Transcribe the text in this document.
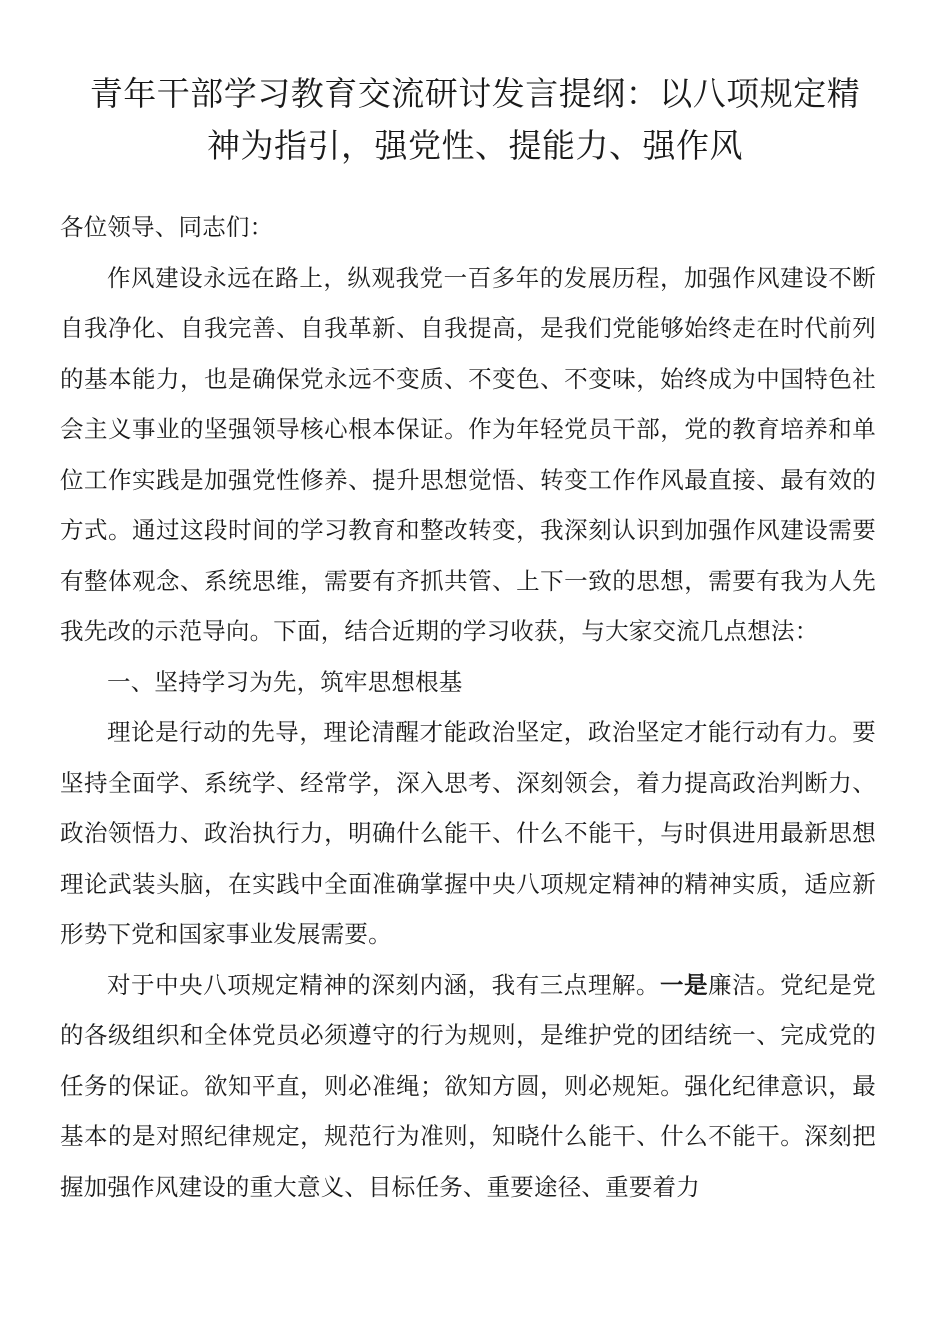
青年干部学习教育交流研讨发言提纲：以八项规定精神为指引，强党性、提能力、强作风

各位领导、同志们：

作风建设永远在路上，纵观我党一百多年的发展历程，加强作风建设不断自我净化、自我完善、自我革新、自我提高，是我们党能够始终走在时代前列的基本能力，也是确保党永远不变质、不变色、不变味，始终成为中国特色社会主义事业的坚强领导核心根本保证。作为年轻党员干部，党的教育培养和单位工作实践是加强党性修养、提升思想觉悟、转变工作作风最直接、最有效的方式。通过这段时间的学习教育和整改转变，我深刻认识到加强作风建设需要有整体观念、系统思维，需要有齐抓共管、上下一致的思想，需要有我为人先我先改的示范导向。下面，结合近期的学习收获，与大家交流几点想法：

一、坚持学习为先，筑牢思想根基

理论是行动的先导，理论清醒才能政治坚定，政治坚定才能行动有力。要坚持全面学、系统学、经常学，深入思考、深刻领会，着力提高政治判断力、政治领悟力、政治执行力，明确什么能干、什么不能干，与时俱进用最新思想理论武装头脑，在实践中全面准确掌握中央八项规定精神的精神实质，适应新形势下党和国家事业发展需要。

对于中央八项规定精神的深刻内涵，我有三点理解。一是廉洁。党纪是党的各级组织和全体党员必须遵守的行为规则，是维护党的团结统一、完成党的任务的保证。欲知平直，则必准绳；欲知方圆，则必规矩。强化纪律意识，最基本的是对照纪律规定，规范行为准则，知晓什么能干、什么不能干。深刻把握加强作风建设的重大意义、目标任务、重要途径、重要着力
